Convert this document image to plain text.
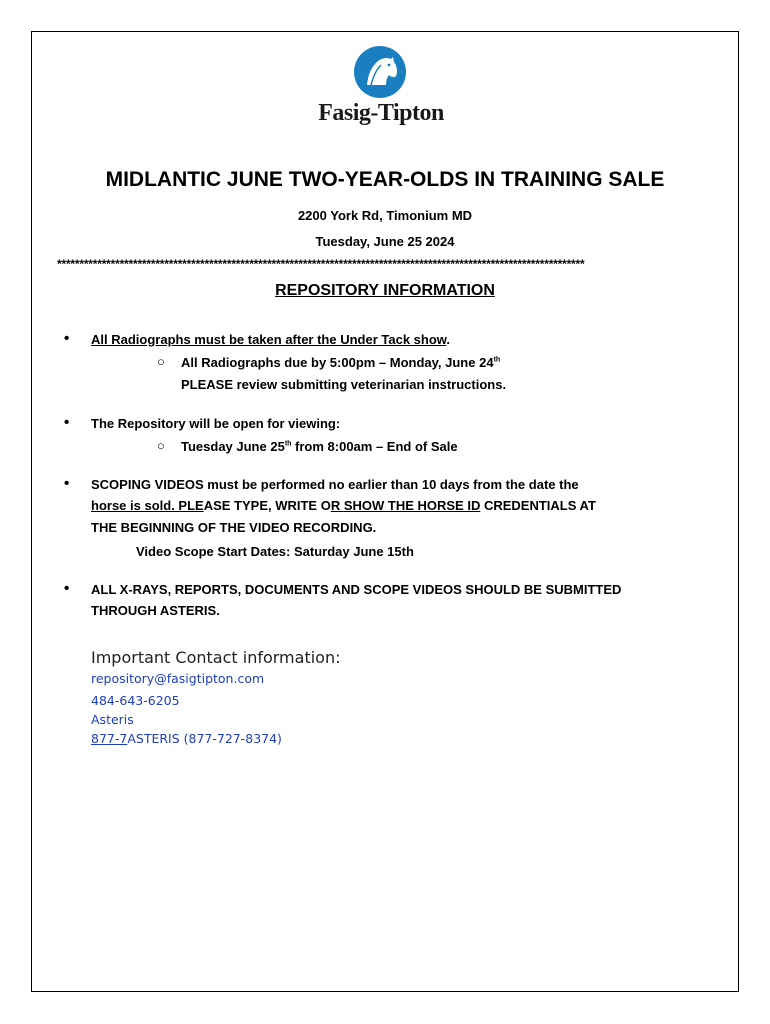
Fasig-Tipton
MIDLANTIC JUNE TWO-YEAR-OLDS IN TRAINING SALE
2200 York Rd, Timonium MD
Tuesday, June 25 2024
**********************************************************************************************************************
REPOSITORY INFORMATION
• All Radiographs must be taken after the Under Tack show.
○ All Radiographs due by 5:00pm – Monday, June 24th
PLEASE review submitting veterinarian instructions.
• The Repository will be open for viewing:
○ Tuesday June 25th from 8:00am – End of Sale
• SCOPING VIDEOS must be performed no earlier than 10 days from the date the
horse is sold. PLEASE TYPE, WRITE OR SHOW THE HORSE ID CREDENTIALS AT
THE BEGINNING OF THE VIDEO RECORDING.
Video Scope Start Dates: Saturday June 15th
• ALL X-RAYS, REPORTS, DOCUMENTS AND SCOPE VIDEOS SHOULD BE SUBMITTED
THROUGH ASTERIS.
Important Contact information:
repository@fasigtipton.com
484-643-6205
Asteris
877-7ASTERIS (877-727-8374)
